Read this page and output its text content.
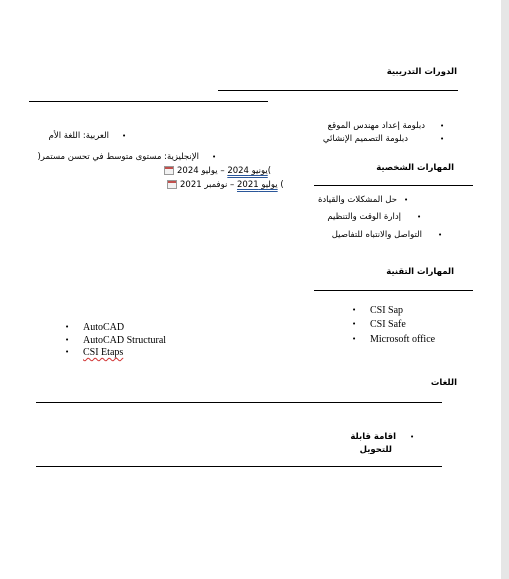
الدورات التدريبية
دبلومة إعداد مهندس الموقع •
دبلومة التصميم الإنشائي	•
العربية: اللغة الأم •
الإنجليزية: مستوى متوسط في تحسن مستمر( •
يونيو 2024 – يوليو 2024(
يوليو 2021 – نوفمبر 2021 (
المهارات الشخصية
حل المشكلات والقيادة •
إدارة الوقت والتنظيم •
التواصل والانتباه للتفاصيل •
المهارات التقنية
• CSI Sap
• CSI Safe
• Microsoft office
• AutoCAD
• AutoCAD Structural
• CSI Etaps
اللغات
•
اقامة قابلة
للتحويل
